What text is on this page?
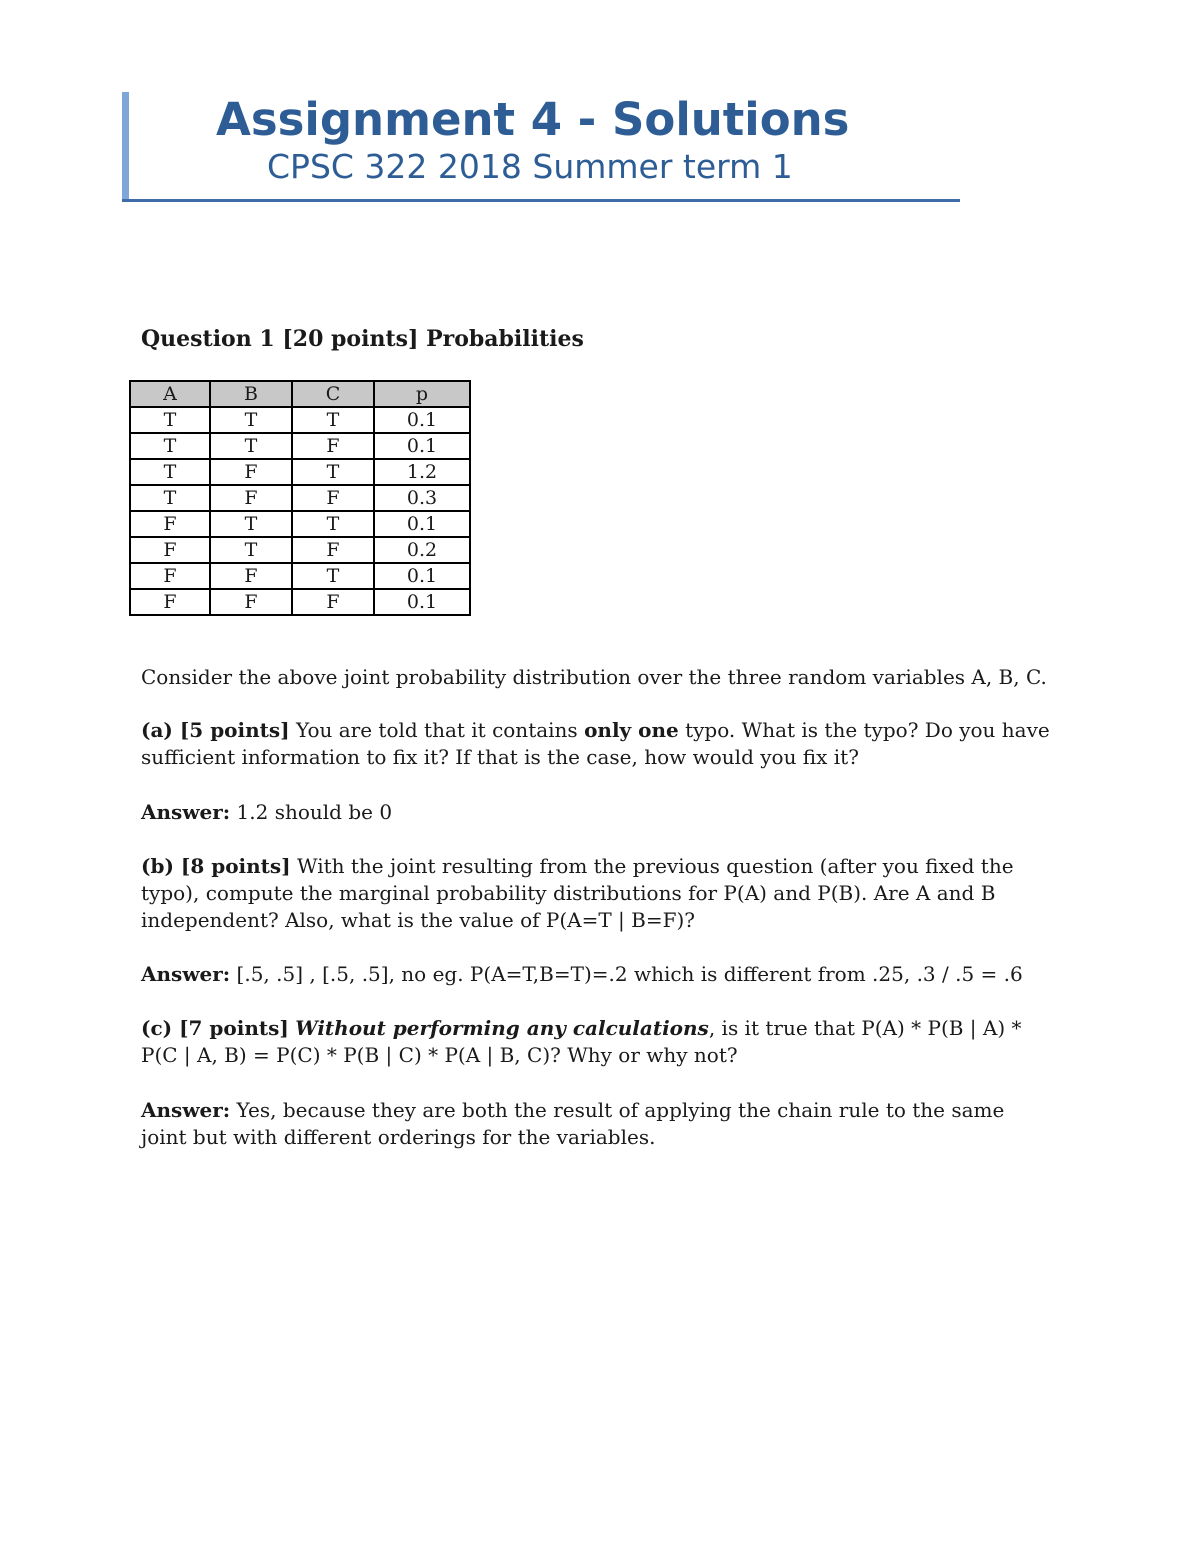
Assignment 4 - Solutions

CPSC 322 2018 Summer term 1

Question 1 [20 points] Probabilities
A	B	C	p
T	T	T	0.1
T	T	F	0.1
T	F	T	1.2
T	F	F	0.3
F	T	T	0.1
F	T	F	0.2
F	F	T	0.1
F	F	F	0.1

Consider the above joint probability distribution over the three random variables A, B, C.

(a) [5 points] You are told that it contains only one typo. What is the typo? Do you have sufficient information to fix it? If that is the case, how would you fix it?

Answer: 1.2 should be 0

(b) [8 points] With the joint resulting from the previous question (after you fixed the typo), compute the marginal probability distributions for P(A) and P(B). Are A and B independent? Also, what is the value of P(A=T | B=F)?

Answer: [.5, .5] , [.5, .5], no eg. P(A=T,B=T)=.2 which is different from .25, .3 / .5 = .6

(c) [7 points] Without performing any calculations, is it true that P(A) * P(B | A) * P(C | A, B) = P(C) * P(B | C) * P(A | B, C)? Why or why not?

Answer: Yes, because they are both the result of applying the chain rule to the same joint but with different orderings for the variables.
